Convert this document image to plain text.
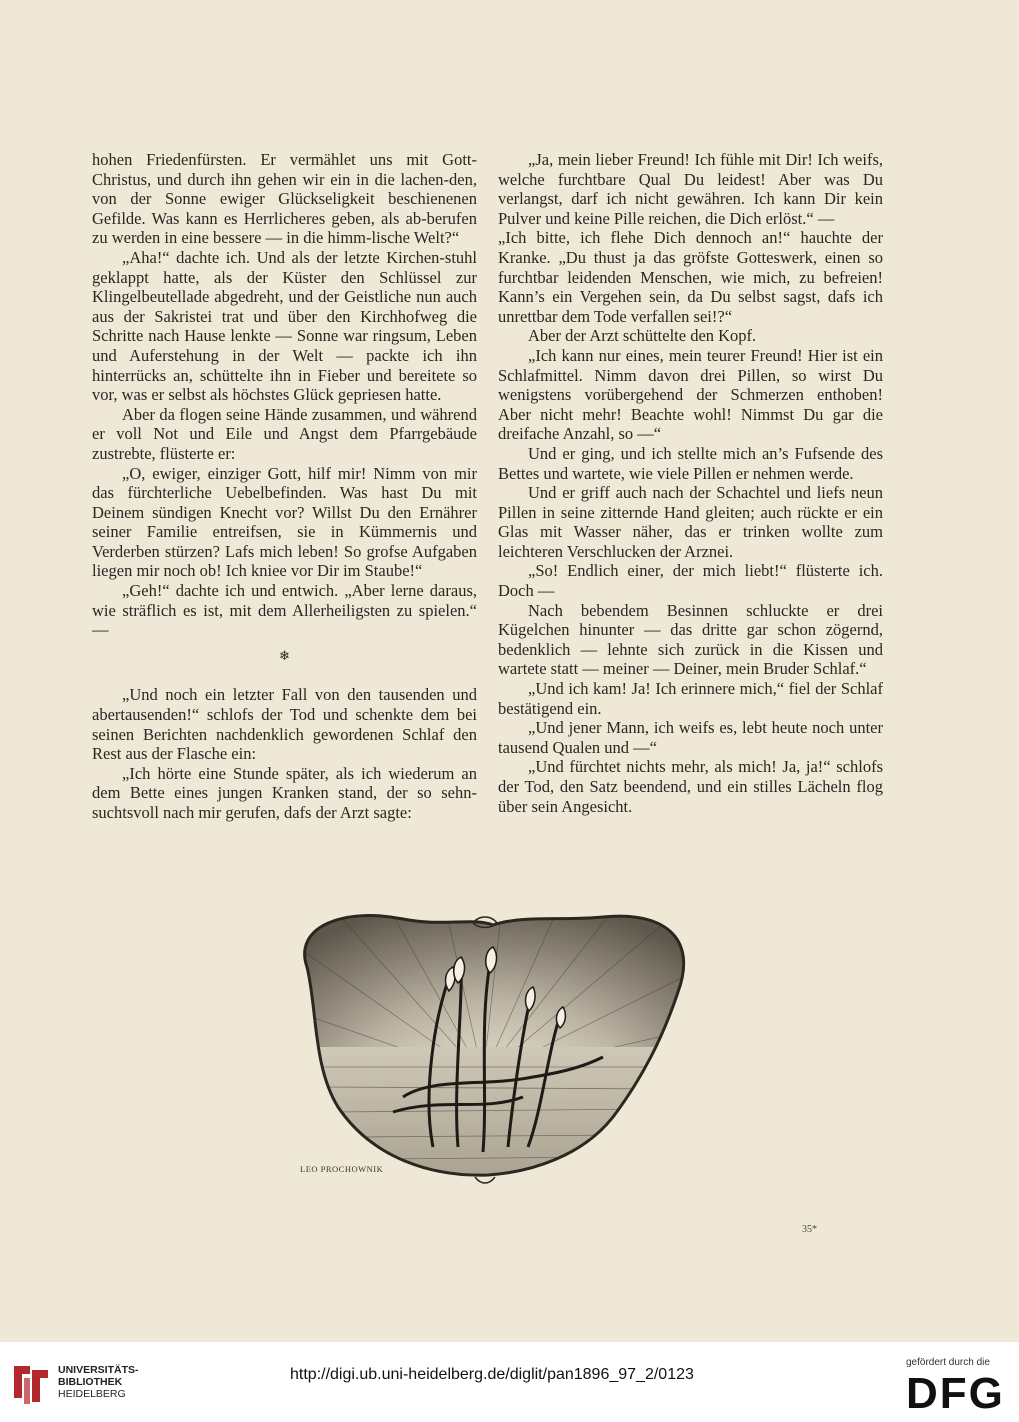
hohen Friedenfürsten. Er vermählet uns mit Gott-Christus, und durch ihn gehen wir ein in die lachen-den, von der Sonne ewiger Glückseligkeit beschienenen Gefilde. Was kann es Herrlicheres geben, als ab-berufen zu werden in eine bessere — in die himm-lische Welt?“

„Aha!“ dachte ich. Und als der letzte Kirchen-stuhl geklappt hatte, als der Küster den Schlüssel zur Klingelbeutellade abgedreht, und der Geistliche nun auch aus der Sakristei trat und über den Kirchhofweg die Schritte nach Hause lenkte — Sonne war ringsum, Leben und Auferstehung in der Welt — packte ich ihn hinterrücks an, schüttelte ihn in Fieber und bereitete so vor, was er selbst als höchstes Glück gepriesen hatte.

Aber da flogen seine Hände zusammen, und während er voll Not und Eile und Angst dem Pfarrgebäude zustrebte, flüsterte er:

„O, ewiger, einziger Gott, hilf mir! Nimm von mir das fürchterliche Uebelbefinden. Was hast Du mit Deinem sündigen Knecht vor? Willst Du den Ernährer seiner Familie entreifsen, sie in Kümmernis und Verderben stürzen? Lafs mich leben! So grofse Aufgaben liegen mir noch ob! Ich kniee vor Dir im Staube!“

„Geh!“ dachte ich und entwich. „Aber lerne daraus, wie sträflich es ist, mit dem Allerheiligsten zu spielen.“ —

❄

„Und noch ein letzter Fall von den tausenden und abertausenden!“ schlofs der Tod und schenkte dem bei seinen Berichten nachdenklich gewordenen Schlaf den Rest aus der Flasche ein:

„Ich hörte eine Stunde später, als ich wiederum an dem Bette eines jungen Kranken stand, der so sehn-suchtsvoll nach mir gerufen, dafs der Arzt sagte:

„Ja, mein lieber Freund! Ich fühle mit Dir! Ich weifs, welche furchtbare Qual Du leidest! Aber was Du verlangst, darf ich nicht gewähren. Ich kann Dir kein Pulver und keine Pille reichen, die Dich erlöst.“ —

„Ich bitte, ich flehe Dich dennoch an!“ hauchte der Kranke. „Du thust ja das gröfste Gotteswerk, einen so furchtbar leidenden Menschen, wie mich, zu befreien! Kann’s ein Vergehen sein, da Du selbst sagst, dafs ich unrettbar dem Tode verfallen sei!?“

Aber der Arzt schüttelte den Kopf.

„Ich kann nur eines, mein teurer Freund! Hier ist ein Schlafmittel. Nimm davon drei Pillen, so wirst Du wenigstens vorübergehend der Schmerzen enthoben! Aber nicht mehr! Beachte wohl! Nimmst Du gar die dreifache Anzahl, so —“

Und er ging, und ich stellte mich an’s Fufsende des Bettes und wartete, wie viele Pillen er nehmen werde.

Und er griff auch nach der Schachtel und liefs neun Pillen in seine zitternde Hand gleiten; auch rückte er ein Glas mit Wasser näher, das er trinken wollte zum leichteren Verschlucken der Arznei.

„So! Endlich einer, der mich liebt!“ flüsterte ich. Doch —

Nach bebendem Besinnen schluckte er drei Kügelchen hinunter — das dritte gar schon zögernd, bedenklich — lehnte sich zurück in die Kissen und wartete statt — meiner — Deiner, mein Bruder Schlaf.“

„Und ich kam! Ja! Ich erinnere mich,“ fiel der Schlaf bestätigend ein.

„Und jener Mann, ich weifs es, lebt heute noch unter tausend Qualen und —“

„Und fürchtet nichts mehr, als mich! Ja, ja!“ schlofs der Tod, den Satz beendend, und ein stilles Lächeln flog über sein Angesicht.

LEO PROCHOWNIK
35*
UNIVERSITÄTS-
BIBLIOTHEK
HEIDELBERG
http://digi.ub.uni-heidelberg.de/diglit/pan1896_97_2/0123
gefördert durch die
DFG
